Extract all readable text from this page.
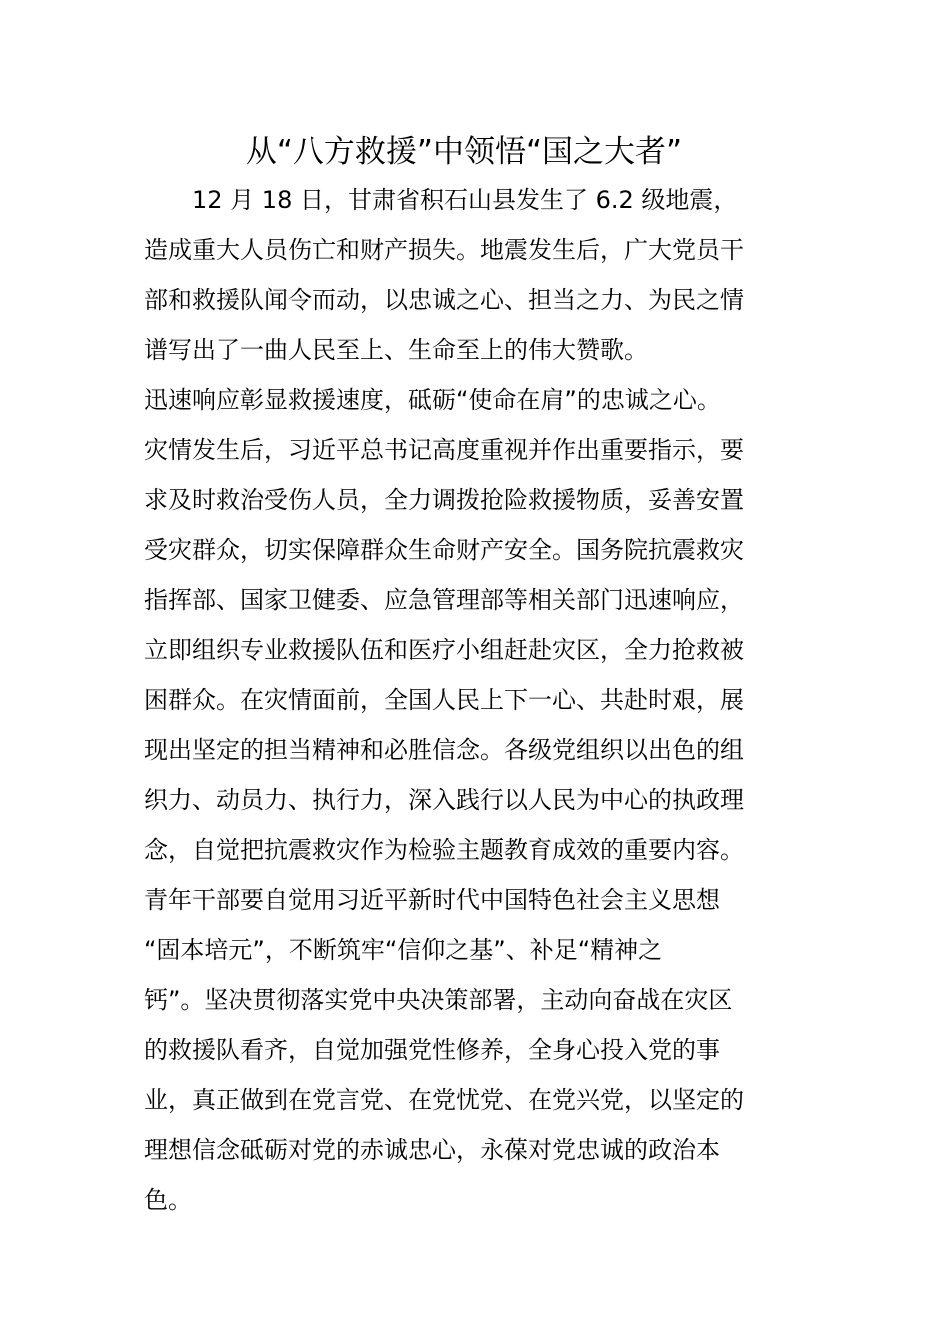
从“八方救援”中领悟“国之大者”
　　12 月 18 日，甘肃省积石山县发生了 6.2 级地震，
造成重大人员伤亡和财产损失。地震发生后，广大党员干
部和救援队闻令而动，以忠诚之心、担当之力、为民之情
谱写出了一曲人民至上、生命至上的伟大赞歌。
迅速响应彰显救援速度，砥砺“使命在肩”的忠诚之心。
灾情发生后，习近平总书记高度重视并作出重要指示，要
求及时救治受伤人员，全力调拨抢险救援物质，妥善安置
受灾群众，切实保障群众生命财产安全。国务院抗震救灾
指挥部、国家卫健委、应急管理部等相关部门迅速响应，
立即组织专业救援队伍和医疗小组赶赴灾区，全力抢救被
困群众。在灾情面前，全国人民上下一心、共赴时艰，展
现出坚定的担当精神和必胜信念。各级党组织以出色的组
织力、动员力、执行力，深入践行以人民为中心的执政理
念，自觉把抗震救灾作为检验主题教育成效的重要内容。
青年干部要自觉用习近平新时代中国特色社会主义思想
“固本培元”，不断筑牢“信仰之基”、补足“精神之
钙”。坚决贯彻落实党中央决策部署，主动向奋战在灾区
的救援队看齐，自觉加强党性修养，全身心投入党的事
业，真正做到在党言党、在党忧党、在党兴党，以坚定的
理想信念砥砺对党的赤诚忠心，永葆对党忠诚的政治本
色。
